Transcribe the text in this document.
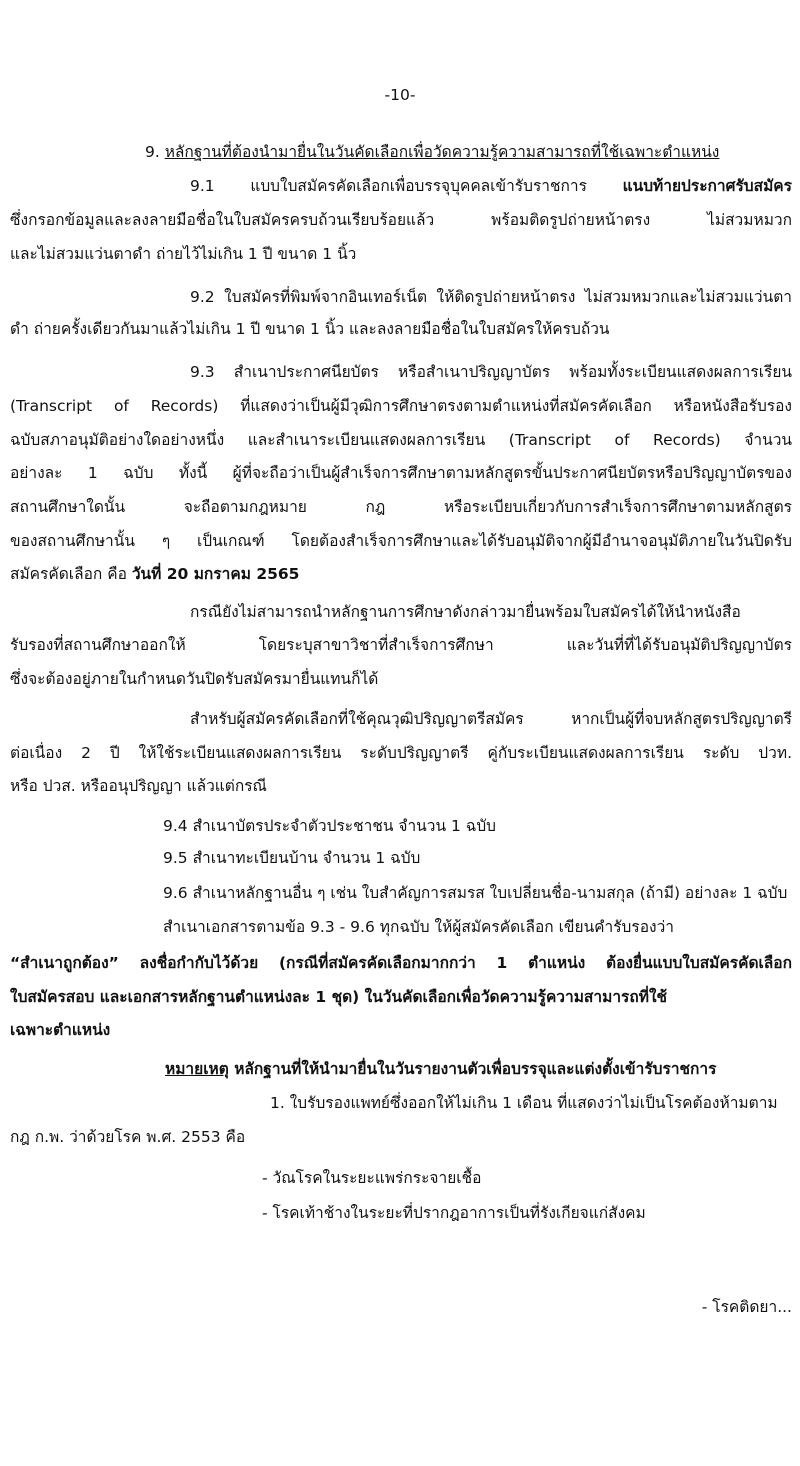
-10-
9. หลักฐานที่ต้องนำมายื่นในวันคัดเลือกเพื่อวัดความรู้ความสามารถที่ใช้เฉพาะตำแหน่ง
9.1 แบบใบสมัครคัดเลือกเพื่อบรรจุบุคคลเข้ารับราชการ แนบท้ายประกาศรับสมัคร
ซึ่งกรอกข้อมูลและลงลายมือชื่อในใบสมัครครบถ้วนเรียบร้อยแล้ว พร้อมติดรูปถ่ายหน้าตรง ไม่สวมหมวก
และไม่สวมแว่นตาดำ ถ่ายไว้ไม่เกิน 1 ปี ขนาด 1 นิ้ว
9.2 ใบสมัครที่พิมพ์จากอินเทอร์เน็ต ให้ติดรูปถ่ายหน้าตรง ไม่สวมหมวกและไม่สวมแว่นตา
ดำ ถ่ายครั้งเดียวกันมาแล้วไม่เกิน 1 ปี ขนาด 1 นิ้ว และลงลายมือชื่อในใบสมัครให้ครบถ้วน
9.3 สำเนาประกาศนียบัตร หรือสำเนาปริญญาบัตร พร้อมทั้งระเบียนแสดงผลการเรียน
(Transcript of Records) ที่แสดงว่าเป็นผู้มีวุฒิการศึกษาตรงตามตำแหน่งที่สมัครคัดเลือก หรือหนังสือรับรอง
ฉบับสภาอนุมัติอย่างใดอย่างหนึ่ง และสำเนาระเบียนแสดงผลการเรียน (Transcript of Records) จำนวน
อย่างละ 1 ฉบับ ทั้งนี้ ผู้ที่จะถือว่าเป็นผู้สำเร็จการศึกษาตามหลักสูตรขั้นประกาศนียบัตรหรือปริญญาบัตรของ
สถานศึกษาใดนั้น จะถือตามกฎหมาย กฎ หรือระเบียบเกี่ยวกับการสำเร็จการศึกษาตามหลักสูตร
ของสถานศึกษานั้น ๆ เป็นเกณฑ์ โดยต้องสำเร็จการศึกษาและได้รับอนุมัติจากผู้มีอำนาจอนุมัติภายในวันปิดรับ
สมัครคัดเลือก คือ วันที่ 20 มกราคม 2565
กรณียังไม่สามารถนำหลักฐานการศึกษาดังกล่าวมายื่นพร้อมใบสมัครได้ให้นำหนังสือ
รับรองที่สถานศึกษาออกให้ โดยระบุสาขาวิชาที่สำเร็จการศึกษา และวันที่ที่ได้รับอนุมัติปริญญาบัตร
ซึ่งจะต้องอยู่ภายในกำหนดวันปิดรับสมัครมายื่นแทนก็ได้
สำหรับผู้สมัครคัดเลือกที่ใช้คุณวุฒิปริญญาตรีสมัคร หากเป็นผู้ที่จบหลักสูตรปริญญาตรี
ต่อเนื่อง 2 ปี ให้ใช้ระเบียนแสดงผลการเรียน ระดับปริญญาตรี คู่กับระเบียนแสดงผลการเรียน ระดับ ปวท.
หรือ ปวส. หรืออนุปริญญา แล้วแต่กรณี
9.4 สำเนาบัตรประจำตัวประชาชน จำนวน 1 ฉบับ
9.5 สำเนาทะเบียนบ้าน จำนวน 1 ฉบับ
9.6 สำเนาหลักฐานอื่น ๆ เช่น ใบสำคัญการสมรส ใบเปลี่ยนชื่อ-นามสกุล (ถ้ามี) อย่างละ 1 ฉบับ
สำเนาเอกสารตามข้อ 9.3 - 9.6 ทุกฉบับ ให้ผู้สมัครคัดเลือก เขียนคำรับรองว่า
“สำเนาถูกต้อง” ลงชื่อกำกับไว้ด้วย (กรณีที่สมัครคัดเลือกมากกว่า 1 ตำแหน่ง ต้องยื่นแบบใบสมัครคัดเลือก
ใบสมัครสอบ และเอกสารหลักฐานตำแหน่งละ 1 ชุด) ในวันคัดเลือกเพื่อวัดความรู้ความสามารถที่ใช้
เฉพาะตำแหน่ง
หมายเหตุ หลักฐานที่ให้นำมายื่นในวันรายงานตัวเพื่อบรรจุและแต่งตั้งเข้ารับราชการ
1. ใบรับรองแพทย์ซึ่งออกให้ไม่เกิน 1 เดือน ที่แสดงว่าไม่เป็นโรคต้องห้ามตาม
กฎ ก.พ. ว่าด้วยโรค พ.ศ. 2553 คือ
- วัณโรคในระยะแพร่กระจายเชื้อ
- โรคเท้าช้างในระยะที่ปรากฎอาการเป็นที่รังเกียจแก่สังคม
- โรคติดยา...
